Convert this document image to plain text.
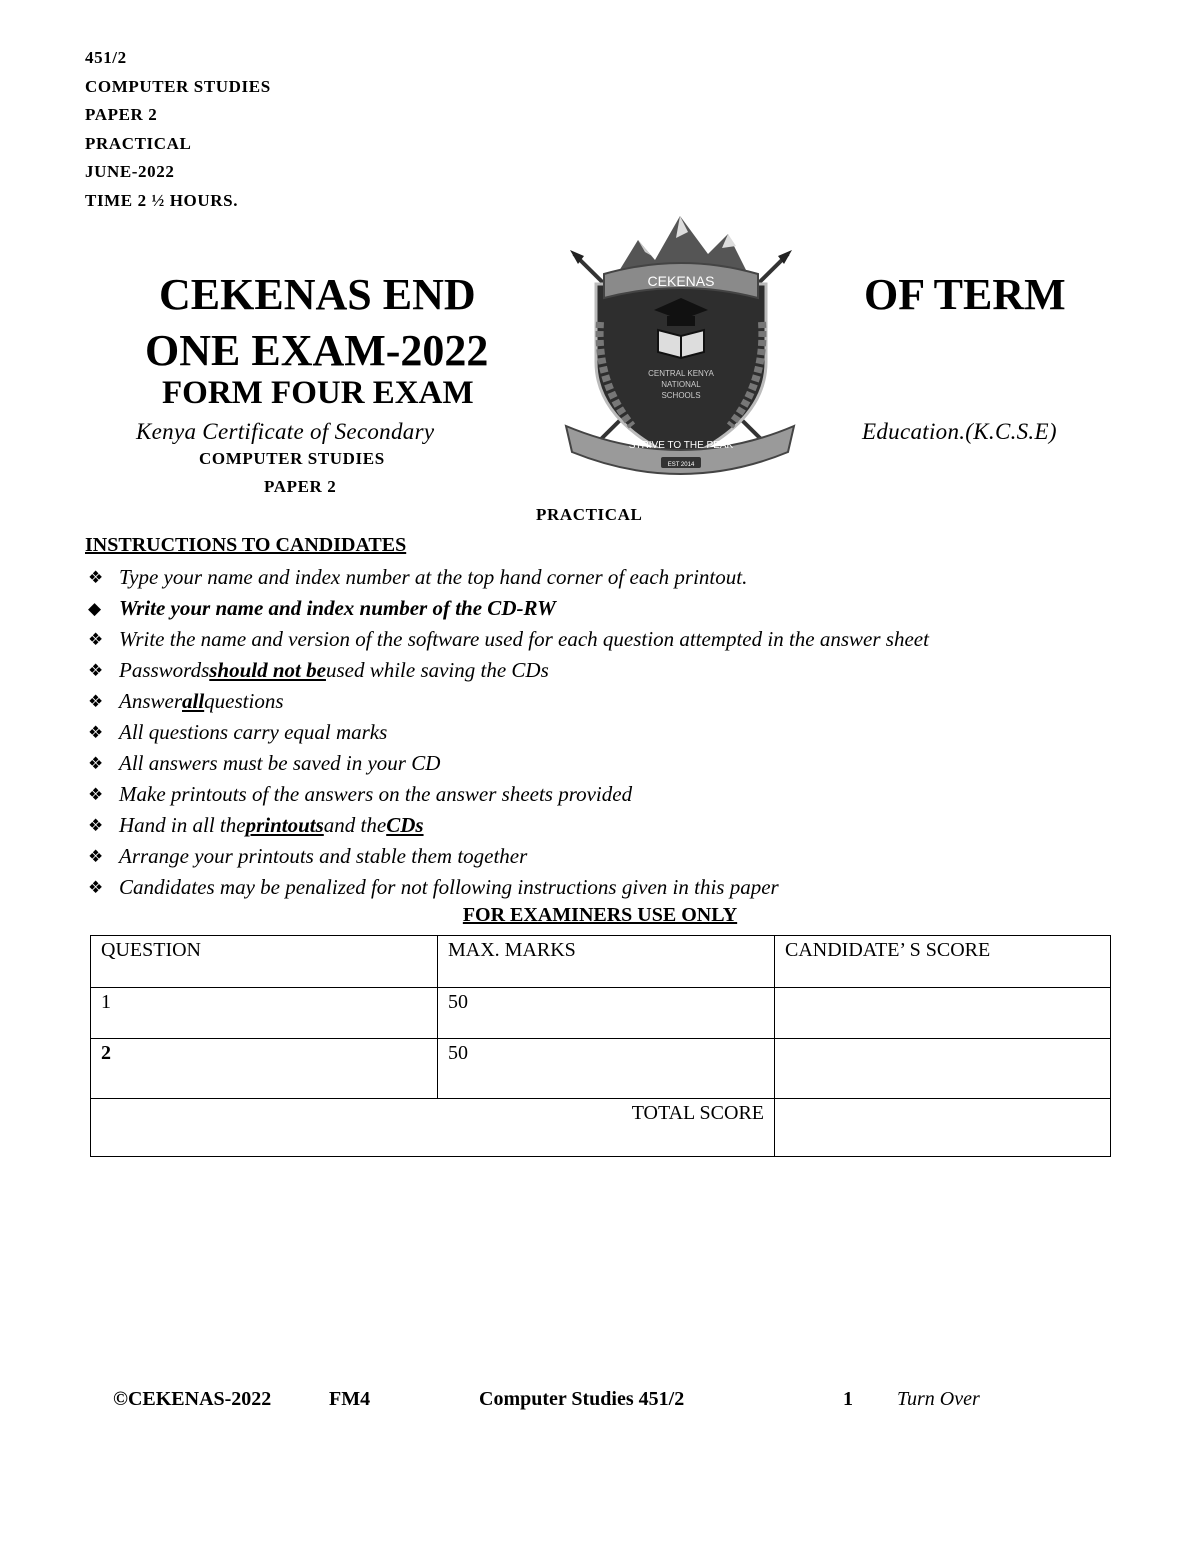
451/2
COMPUTER STUDIES
PAPER 2
PRACTICAL
JUNE-2022
TIME 2 ½ HOURS.
CEKENAS END	OF TERM
ONE EXAM-2022
FORM FOUR EXAM
Kenya Certificate of Secondary	Education.(K.C.S.E)
COMPUTER STUDIES
PAPER 2
PRACTICAL
CEKENAS
CENTRAL KENYA
NATIONAL
SCHOOLS
STRIVE TO THE PEAK
EST 2014
INSTRUCTIONS TO CANDIDATES
❖ Type your name and index number at the top hand corner of each printout.
◆ Write your name and index number of the CD-RW
❖ Write the name and version of the software used for each question attempted in the answer sheet
❖ Passwords should not be used while saving the CDs
❖ Answer all questions
❖ All questions carry equal marks
❖ All answers must be saved in your CD
❖ Make printouts of the answers on the answer sheets provided
❖ Hand in all the printouts and the CDs
❖ Arrange your printouts and stable them together
❖ Candidates may be penalized for not following instructions given in this paper
FOR EXAMINERS USE ONLY
QUESTION	MAX. MARKS	CANDIDATE’ S SCORE
1	50	
2	50	
TOTAL SCORE		
©CEKENAS-2022	FM4	Computer Studies 451/2	1 Turn Over
